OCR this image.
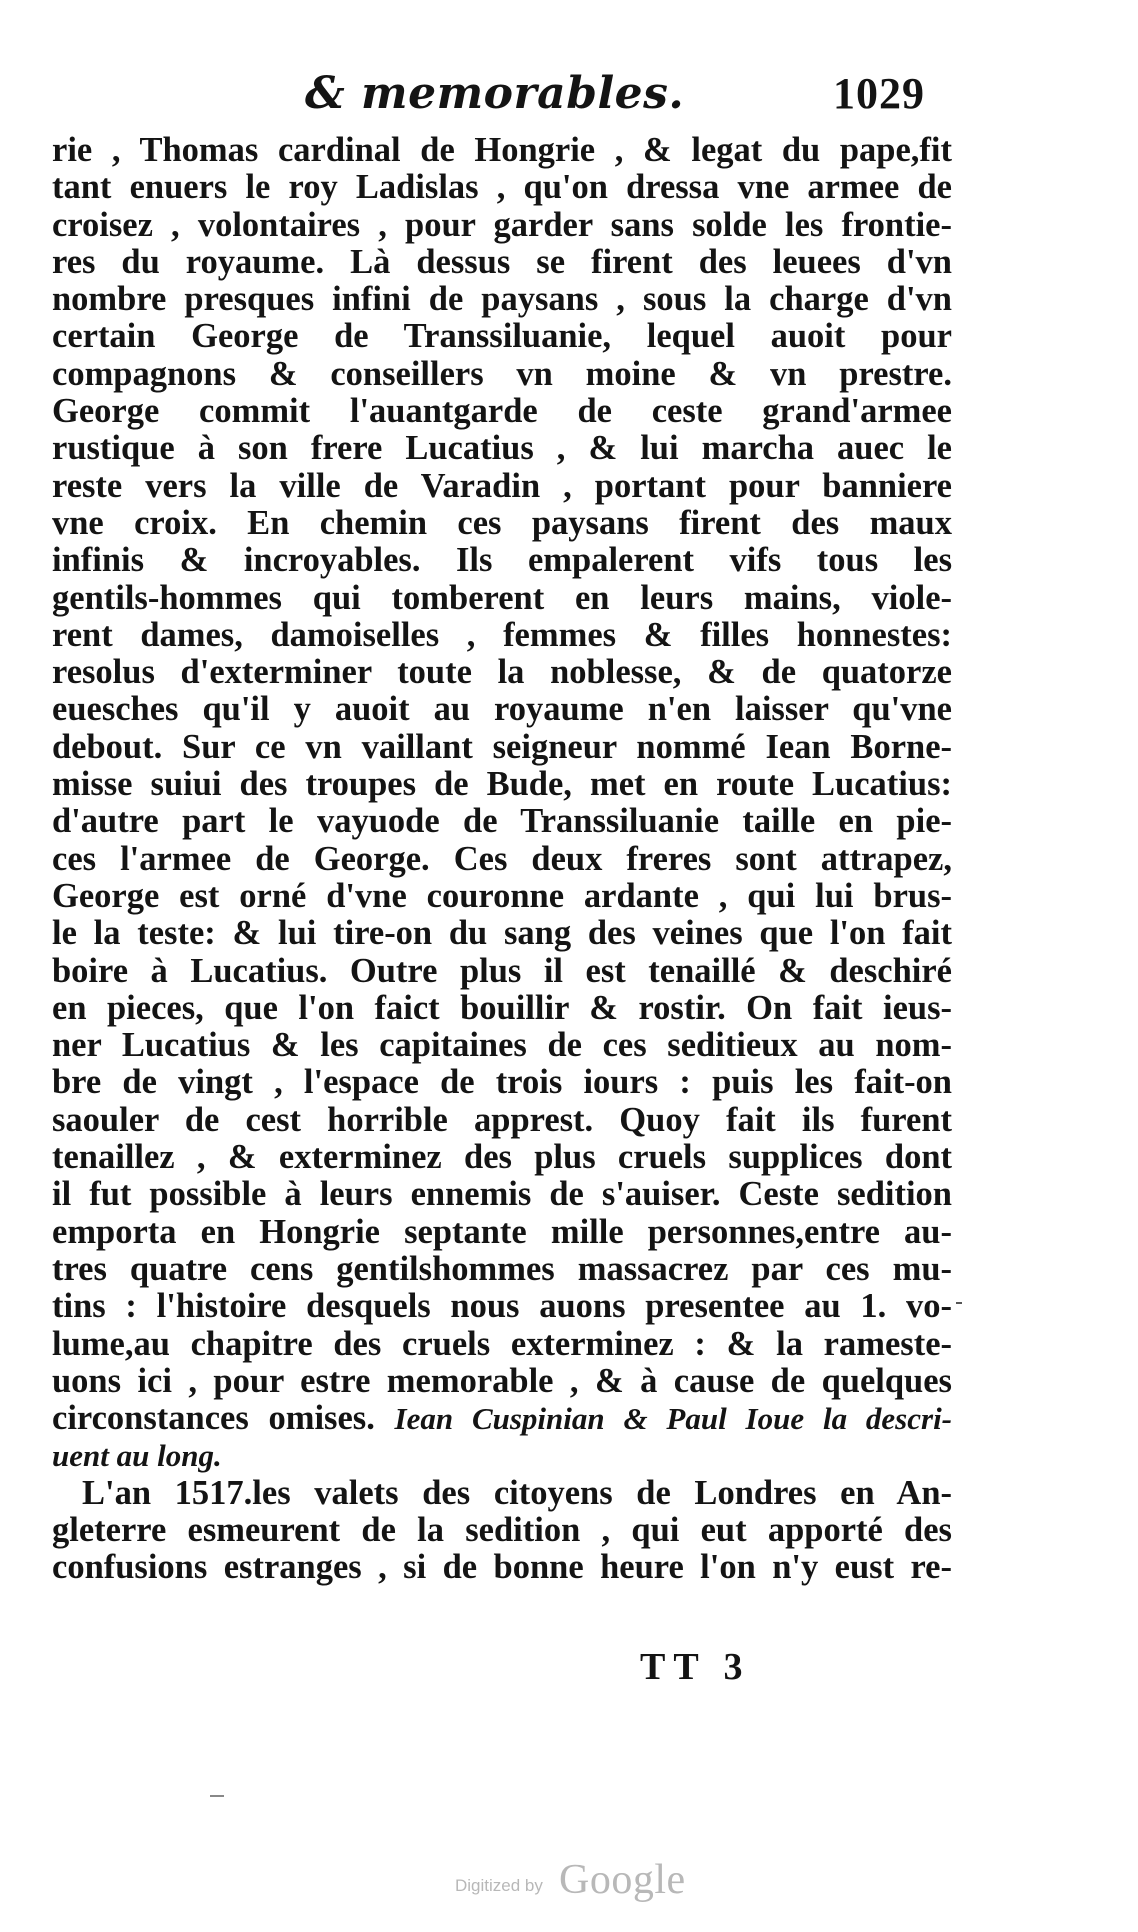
& memorables.	1029
rie , Thomas cardinal de Hongrie , & legat du pape,fit
tant enuers le roy Ladislas , qu'on dressa vne armee de
croisez , volontaires , pour garder sans solde les frontie-
res du royaume. Là dessus se firent des leuees d'vn
nombre presques infini de paysans , sous la charge d'vn
certain George de Transsiluanie, lequel auoit pour
compagnons & conseillers vn moine & vn prestre.
George commit l'auantgarde de ceste grand'armee
rustique à son frere Lucatius , & lui marcha auec le
reste vers la ville de Varadin , portant pour banniere
vne croix. En chemin ces paysans firent des maux
infinis & incroyables. Ils empalerent vifs tous les
gentils-hommes qui tomberent en leurs mains, viole-
rent dames, damoiselles , femmes & filles honnestes:
resolus d'exterminer toute la noblesse, & de quatorze
euesches qu'il y auoit au royaume n'en laisser qu'vne
debout. Sur ce vn vaillant seigneur nommé Iean Borne-
misse suiui des troupes de Bude, met en route Lucatius:
d'autre part le vayuode de Transsiluanie taille en pie-
ces l'armee de George. Ces deux freres sont attrapez,
George est orné d'vne couronne ardante , qui lui brus-
le la teste: & lui tire-on du sang des veines que l'on fait
boire à Lucatius. Outre plus il est tenaillé & deschiré
en pieces, que l'on faict bouillir & rostir. On fait ieus-
ner Lucatius & les capitaines de ces seditieux au nom-
bre de vingt , l'espace de trois iours : puis les fait-on
saouler de cest horrible apprest. Quoy fait ils furent
tenaillez , & exterminez des plus cruels supplices dont
il fut possible à leurs ennemis de s'auiser. Ceste sedition
emporta en Hongrie septante mille personnes,entre au-
tres quatre cens gentilshommes massacrez par ces mu-
tins : l'histoire desquels nous auons presentee au 1. vo-
lume,au chapitre des cruels exterminez : & la rameste-
uons ici , pour estre memorable , & à cause de quelques
circonstances omises. Iean Cuspinian & Paul Ioue la descri-
uent au long.
L'an 1517.les valets des citoyens de Londres en An-
gleterre esmeurent de la sedition , qui eut apporté des
confusions estranges , si de bonne heure l'on n'y eust re-
TT 3
Digitized by Google
